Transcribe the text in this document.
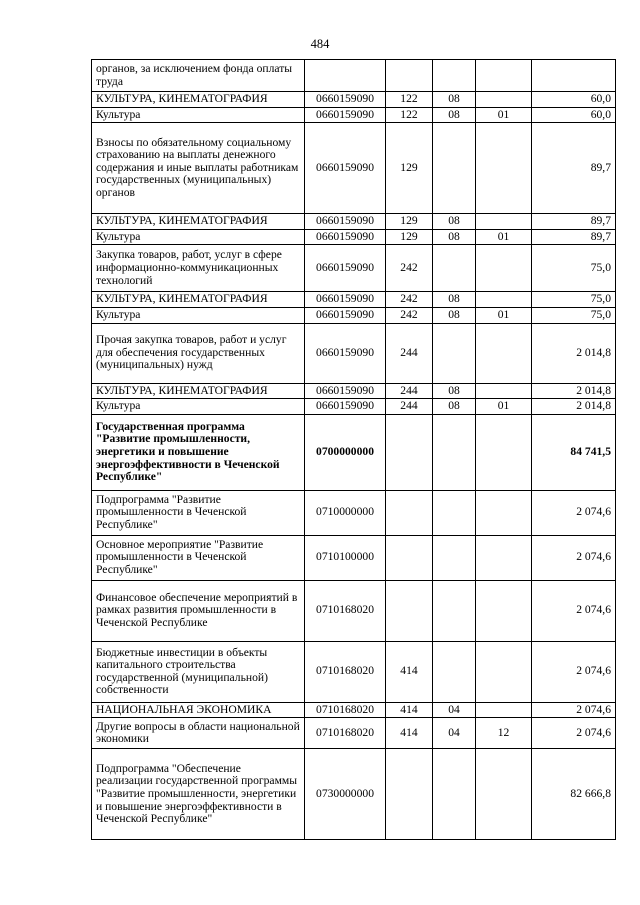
484
органов, за исключением фонда оплаты труда					
КУЛЬТУРА, КИНЕМАТОГРАФИЯ	0660159090	122	08		60,0
Культура	0660159090	122	08	01	60,0
Взносы по обязательному социальному страхованию на выплаты денежного содержания и иные выплаты работникам государственных (муниципальных) органов	0660159090	129			89,7
КУЛЬТУРА, КИНЕМАТОГРАФИЯ	0660159090	129	08		89,7
Культура	0660159090	129	08	01	89,7
Закупка товаров, работ, услуг в сфере информационно-коммуникационных технологий	0660159090	242			75,0
КУЛЬТУРА, КИНЕМАТОГРАФИЯ	0660159090	242	08		75,0
Культура	0660159090	242	08	01	75,0
Прочая закупка товаров, работ и услуг для обеспечения государственных (муниципальных) нужд	0660159090	244			2 014,8
КУЛЬТУРА, КИНЕМАТОГРАФИЯ	0660159090	244	08		2 014,8
Культура	0660159090	244	08	01	2 014,8
Государственная программа "Развитие промышленности, энергетики и повышение энергоэффективности в Чеченской Республике"	0700000000				84 741,5
Подпрограмма "Развитие промышленности в Чеченской Республике"	0710000000				2 074,6
Основное мероприятие "Развитие промышленности в Чеченской Республике"	0710100000				2 074,6
Финансовое обеспечение мероприятий в рамках развития промышленности в Чеченской Республике	0710168020				2 074,6
Бюджетные инвестиции в объекты капитального строительства государственной (муниципальной) собственности	0710168020	414			2 074,6
НАЦИОНАЛЬНАЯ ЭКОНОМИКА	0710168020	414	04		2 074,6
Другие вопросы в области национальной экономики	0710168020	414	04	12	2 074,6
Подпрограмма "Обеспечение реализации государственной программы "Развитие промышленности, энергетики и повышение энергоэффективности в Чеченской Республике"	0730000000				82 666,8
